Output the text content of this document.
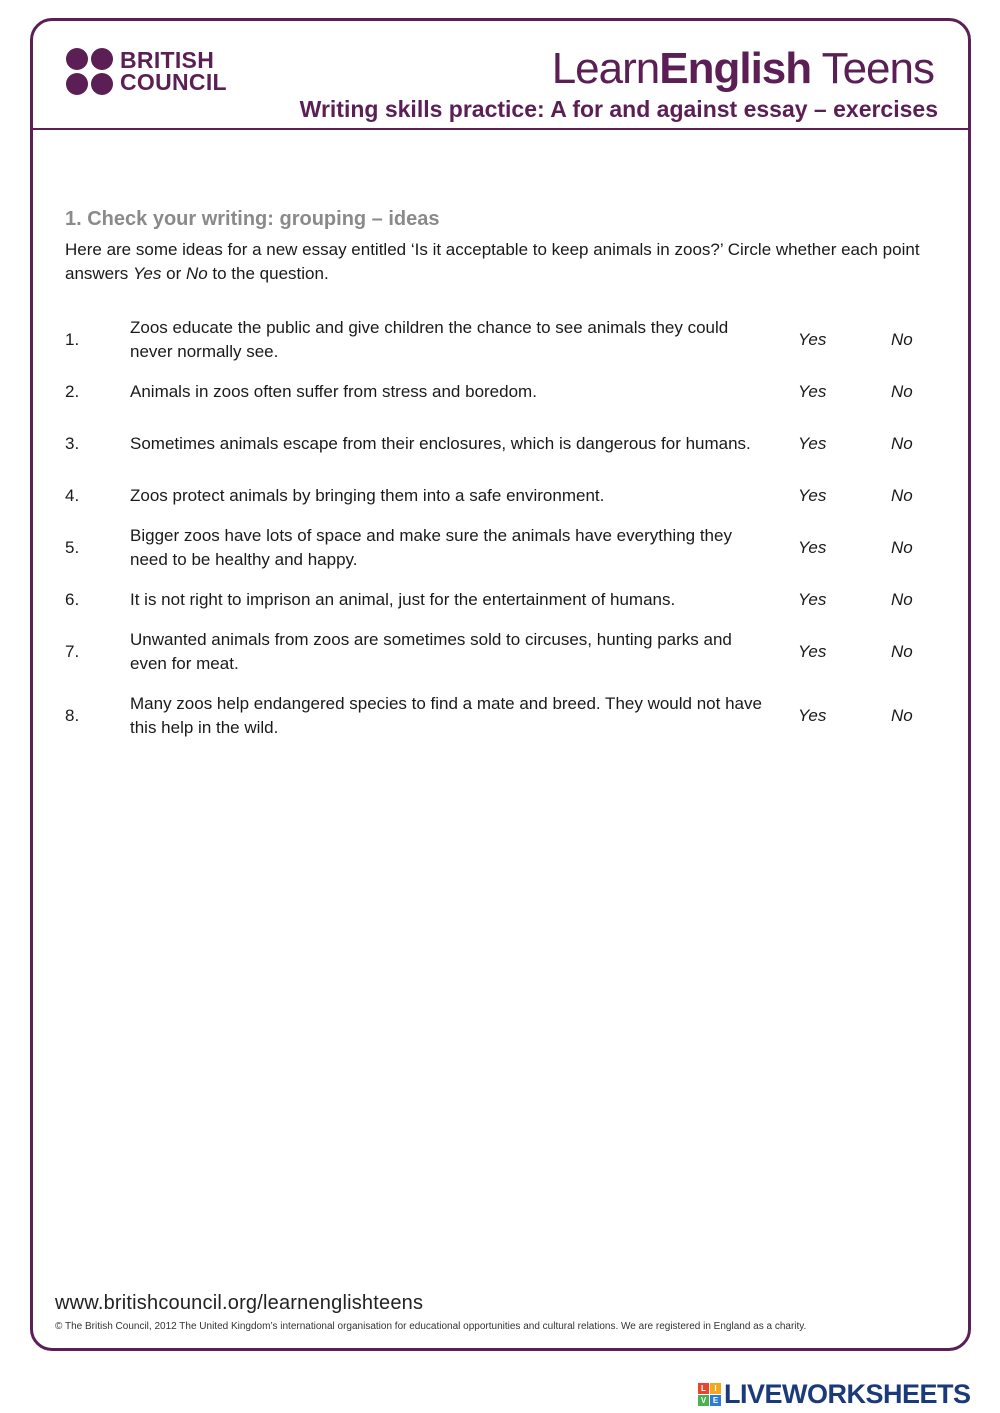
BRITISH
COUNCIL	LearnEnglish Teens
Writing skills practice: A for and against essay – exercises
1. Check your writing: grouping – ideas

Here are some ideas for a new essay entitled ‘Is it acceptable to keep animals in zoos?’ Circle whether each point answers Yes or No to the question.

1.
Zoos educate the public and give children the chance to see animals they could never normally see.
Yes	No
2.	Animals in zoos often suffer from stress and boredom.	Yes	No
3.	Sometimes animals escape from their enclosures, which is dangerous for humans.	Yes	No
4.	Zoos protect animals by bringing them into a safe environment.	Yes	No
5.
Bigger zoos have lots of space and make sure the animals have everything they need to be healthy and happy.
Yes	No
6.	It is not right to imprison an animal, just for the entertainment of humans.	Yes	No
7.
Unwanted animals from zoos are sometimes sold to circuses, hunting parks and even for meat.
Yes	No
8.
Many zoos help endangered species to find a mate and breed. They would not have this help in the wild.
Yes	No
www.britishcouncil.org/learnenglishteens
© The British Council, 2012 The United Kingdom’s international organisation for educational opportunities and cultural relations. We are registered in England as a charity.
L	I
V E LIVEWORKSHEETS
